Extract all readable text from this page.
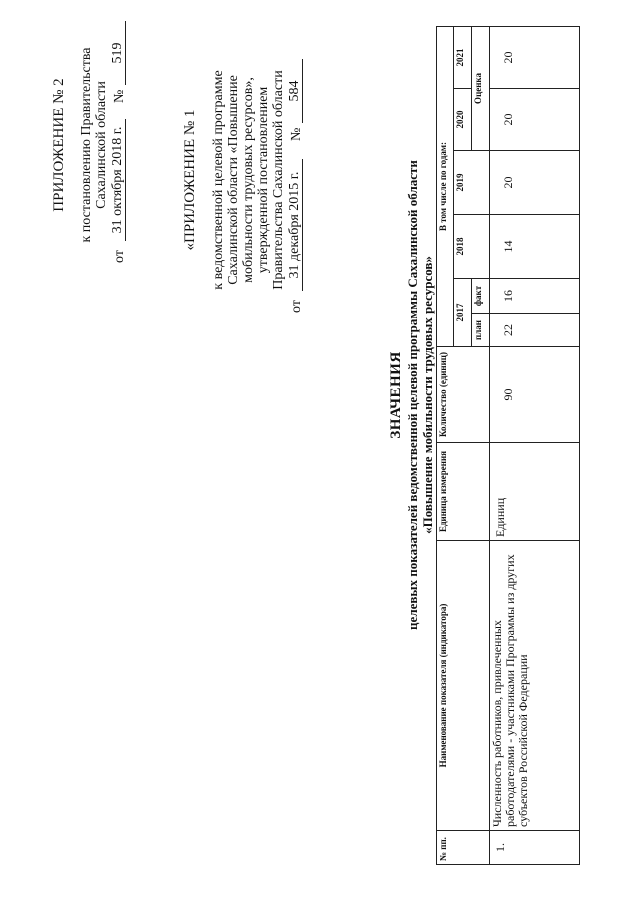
ПРИЛОЖЕНИЕ № 2 к постановлению Правительства Сахалинской области
от
31 октября 2018 г.
№
519
«ПРИЛОЖЕНИЕ № 1 к ведомственной целевой программе Сахалинской области «Повышение мобильности трудовых ресурсов», утвержденной постановлением Правительства Сахалинской области
от
31 декабря 2015 г.
№
584
ЗНАЧЕНИЯ целевых показателей ведомственной целевой программы Сахалинской области «Повышение мобильности трудовых ресурсов»
№ пп.	Наименование показателя (индикатора)	Единица измерения	Количество (единиц)	В том числе по годам:					
				2017		2018	2019	2020	2021
				план	факт			Оценка	
1.	Численность работников, привлеченных работодателями - участниками Программы из других субъектов Российской Федерации	Единиц	90	22	16	14	20	20	20
